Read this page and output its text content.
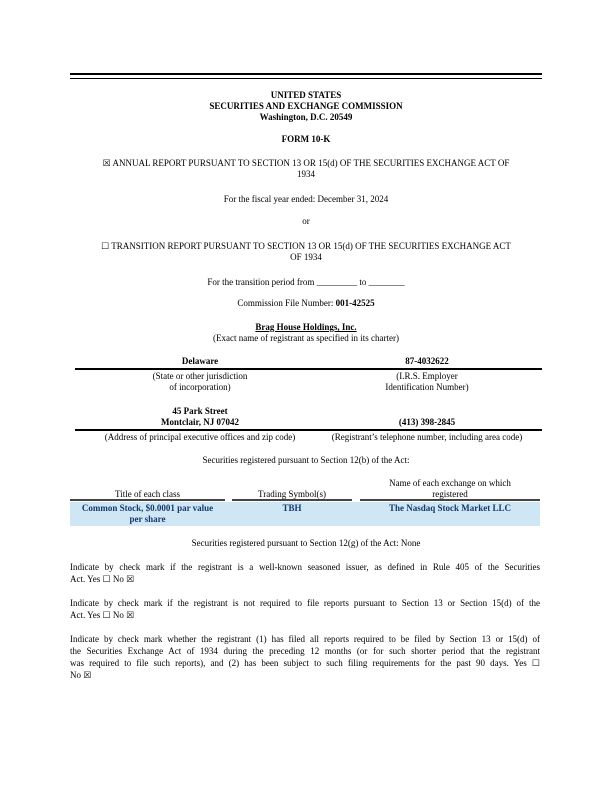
UNITED STATES
SECURITIES AND EXCHANGE COMMISSION
Washington, D.C. 20549
FORM 10-K
☒ ANNUAL REPORT PURSUANT TO SECTION 13 OR 15(d) OF THE SECURITIES EXCHANGE ACT OF
1934
For the fiscal year ended: December 31, 2024
or
☐ TRANSITION REPORT PURSUANT TO SECTION 13 OR 15(d) OF THE SECURITIES EXCHANGE ACT
OF 1934
For the transition period from _________ to ________
Commission File Number: 001-42525
Brag House Holdings, Inc.
(Exact name of registrant as specified in its charter)
Delaware
(State or other jurisdiction
of incorporation)
87-4032622
(I.R.S. Employer
Identification Number)
45 Park Street
Montclair, NJ 07042
(Address of principal executive offices and zip code)
(413) 398-2845
(Registrant’s telephone number, including area code)
Securities registered pursuant to Section 12(b) of the Act:
Name of each exchange on which
Title of each class	Trading Symbol(s)	registered
Common Stock, $0.0001 par value
per share
TBH	The Nasdaq Stock Market LLC
Securities registered pursuant to Section 12(g) of the Act: None
Indicate by check mark if the registrant is a well-known seasoned issuer, as defined in Rule 405 of the Securities
Act. Yes ☐ No ☒
Indicate by check mark if the registrant is not required to file reports pursuant to Section 13 or Section 15(d) of the
Act. Yes ☐ No ☒
Indicate by check mark whether the registrant (1) has filed all reports required to be filed by Section 13 or 15(d) of
the Securities Exchange Act of 1934 during the preceding 12 months (or for such shorter period that the registrant
was required to file such reports), and (2) has been subject to such filing requirements for the past 90 days. Yes ☐
No ☒
